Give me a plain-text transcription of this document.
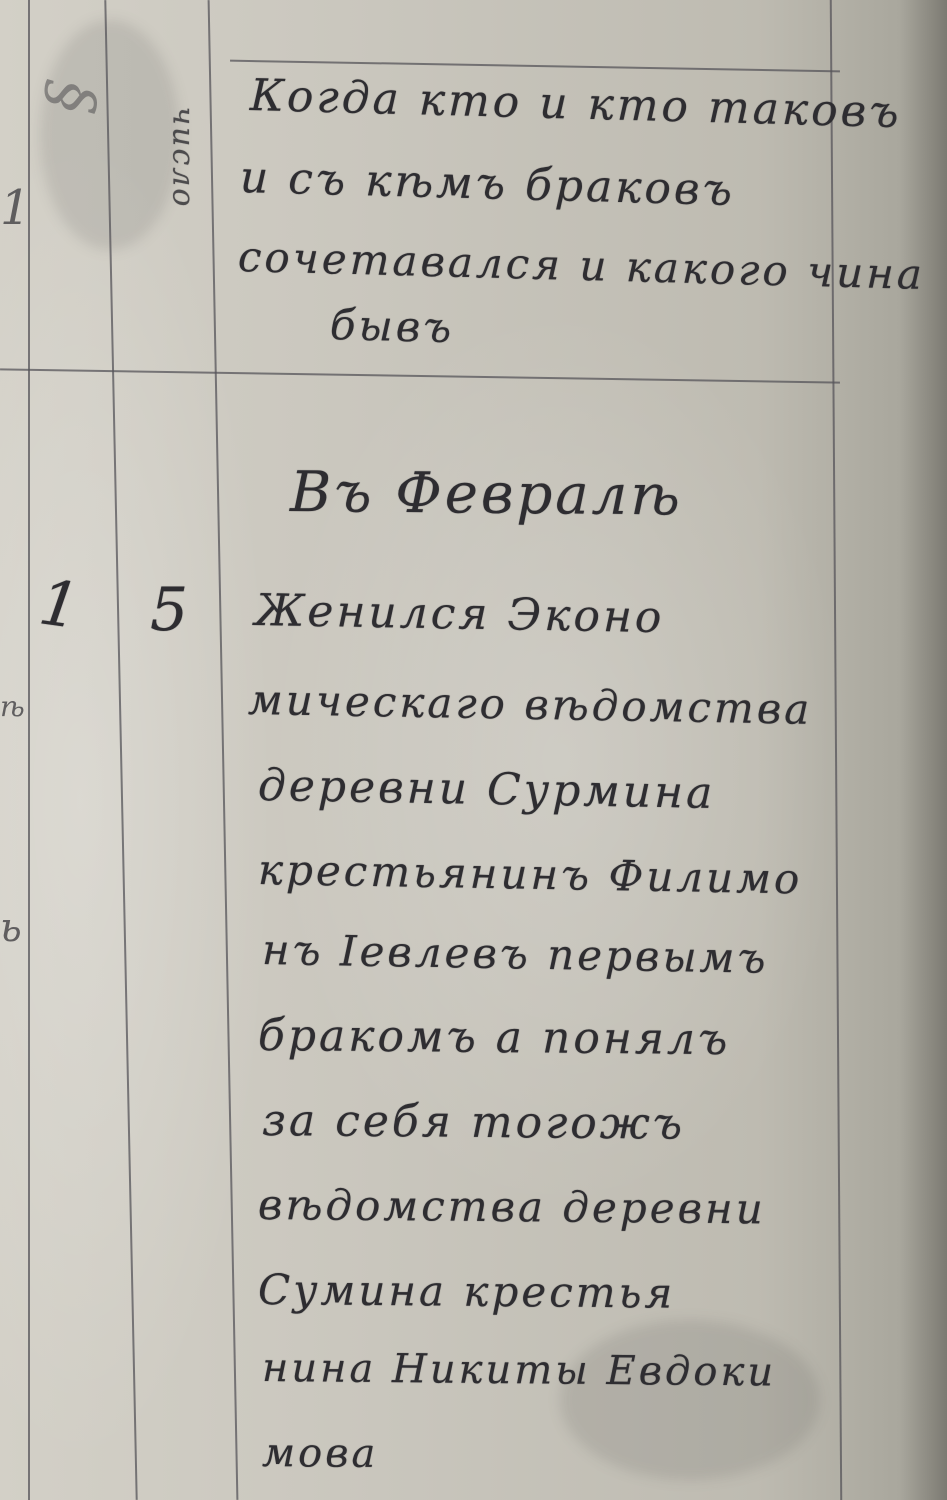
1
§
ь
ѣ
число
Когда кто и кто таковъ
и съ кѣмъ браковъ
сочетавался и какого чина
бывъ
Въ Февралѣ
1 5 Женился Эконо
мическаго вѣдомства
деревни Сурмина
крестьянинъ Филимо
нъ Іевлевъ первымъ
бракомъ а понялъ
за себя тогожъ
вѣдомства деревни
Сумина крестья
нина Никиты Евдоки
мова
